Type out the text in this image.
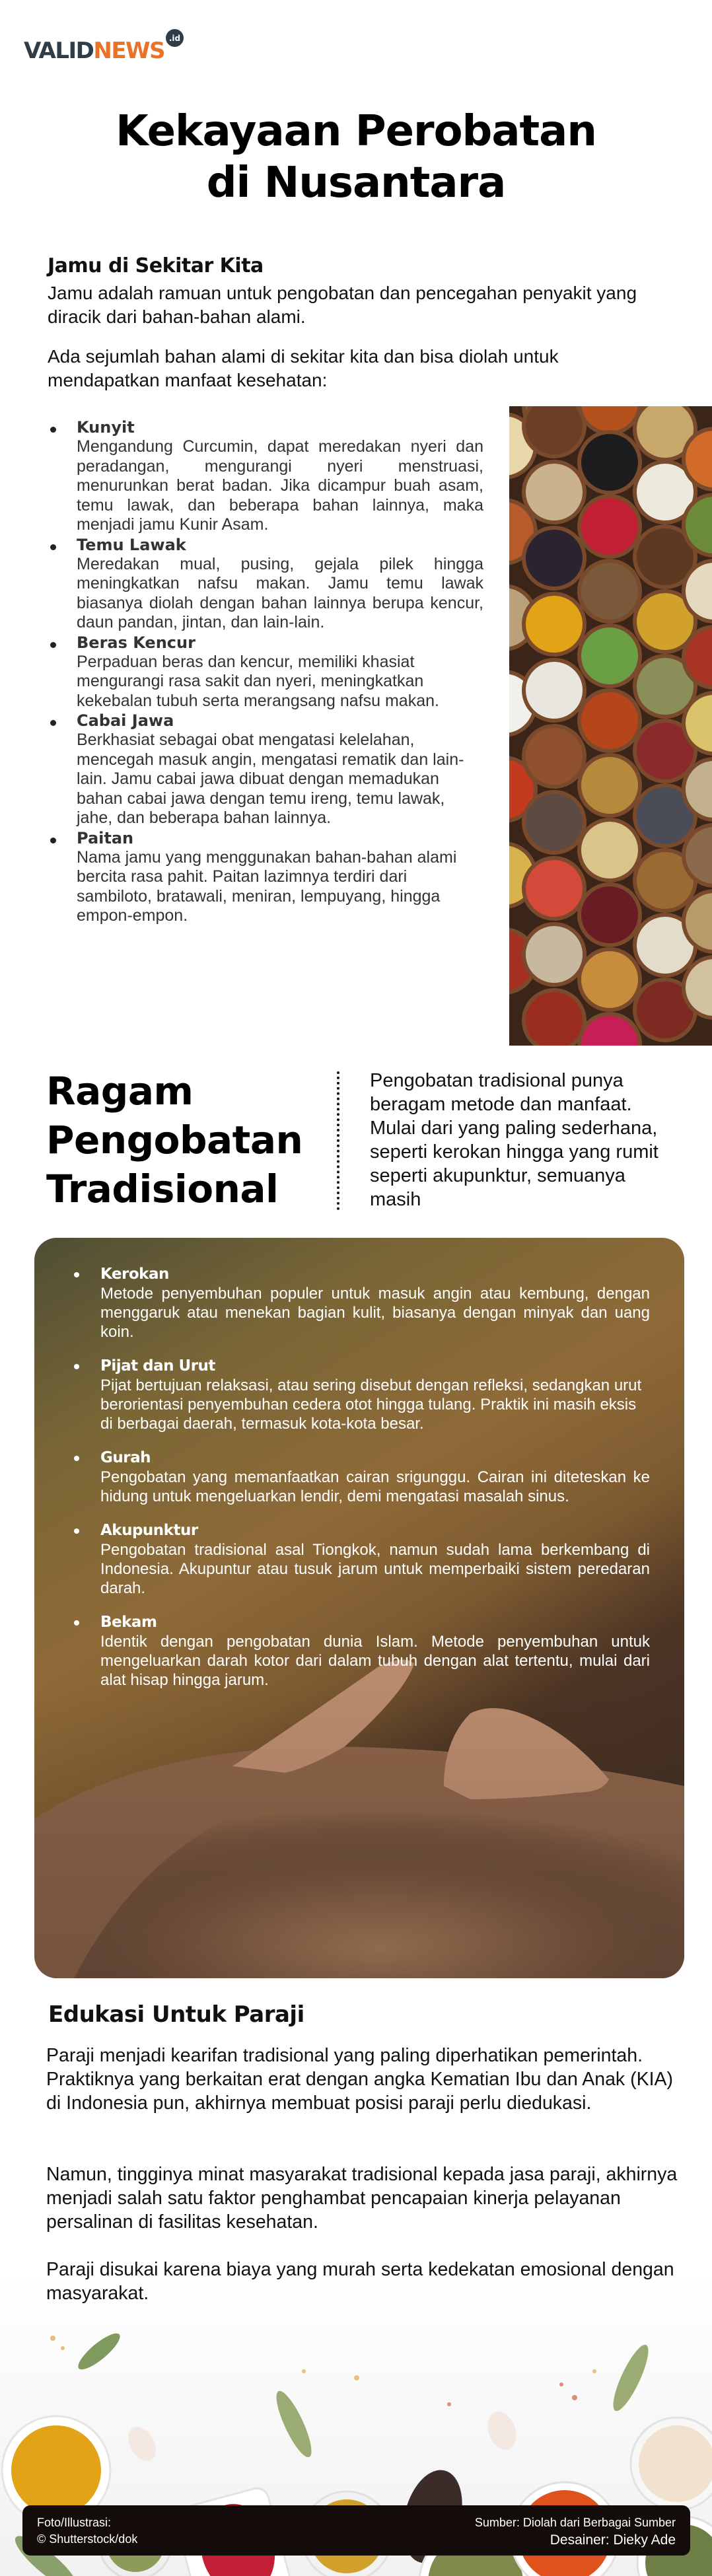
VALID NEWS .id
Kekayaan Perobatan
di Nusantara
Jamu di Sekitar Kita

Jamu adalah ramuan untuk pengobatan dan pencegahan penyakit yang diracik dari bahan-bahan alami.

Ada sejumlah bahan alami di sekitar kita dan bisa diolah untuk mendapatkan manfaat kesehatan:

Kunyit
Mengandung Curcumin, dapat meredakan nyeri dan peradangan, mengurangi nyeri menstruasi, menurunkan berat badan. Jika dicampur buah asam, temu lawak, dan beberapa bahan lainnya, maka menjadi jamu Kunir Asam.
Temu Lawak
Meredakan mual, pusing, gejala pilek hingga meningkatkan nafsu makan. Jamu temu lawak biasanya diolah dengan bahan lainnya berupa kencur, daun pandan, jintan, dan lain-lain.
Beras Kencur
Perpaduan beras dan kencur, memiliki khasiat mengurangi rasa sakit dan nyeri, meningkatkan kekebalan tubuh serta merangsang nafsu makan.
Cabai Jawa
Berkhasiat sebagai obat mengatasi kelelahan, mencegah masuk angin, mengatasi rematik dan lain-lain. Jamu cabai jawa dibuat dengan memadukan bahan cabai jawa dengan temu ireng, temu lawak, jahe, dan beberapa bahan lainnya.
Paitan
Nama jamu yang menggunakan bahan-bahan alami bercita rasa pahit. Paitan lazimnya terdiri dari sambiloto, bratawali, meniran, lempuyang, hingga empon-empon.
Ragam
Pengobatan
Tradisional

Pengobatan tradisional punya beragam metode dan manfaat. Mulai dari yang paling sederhana, seperti kerokan hingga yang rumit seperti akupunktur, semuanya masih

Kerokan
Metode penyembuhan populer untuk masuk angin atau kembung, dengan menggaruk atau menekan bagian kulit, biasanya dengan minyak dan uang koin.
Pijat dan Urut
Pijat bertujuan relaksasi, atau sering disebut dengan refleksi, sedangkan urut berorientasi penyembuhan cedera otot hingga tulang. Praktik ini masih eksis di berbagai daerah, termasuk kota-kota besar.
Gurah
Pengobatan yang memanfaatkan cairan srigunggu. Cairan ini diteteskan ke hidung untuk mengeluarkan lendir, demi mengatasi masalah sinus.
Akupunktur
Pengobatan tradisional asal Tiongkok, namun sudah lama berkembang di Indonesia. Akupuntur atau tusuk jarum untuk memperbaiki sistem peredaran darah.
Bekam
Identik dengan pengobatan dunia Islam. Metode penyembuhan untuk mengeluarkan darah kotor dari dalam tubuh dengan alat tertentu, mulai dari alat hisap hingga jarum.
Edukasi Untuk Paraji

Paraji menjadi kearifan tradisional yang paling diperhatikan pemerintah. Praktiknya yang berkaitan erat dengan angka Kematian Ibu dan Anak (KIA) di Indonesia pun, akhirnya membuat posisi paraji perlu diedukasi.

Namun, tingginya minat masyarakat tradisional kepada jasa paraji, akhirnya menjadi salah satu faktor penghambat pencapaian kinerja pelayanan persalinan di fasilitas kesehatan.

Paraji disukai karena biaya yang murah serta kedekatan emosional dengan masyarakat.

Foto/Illustrasi:
© Shutterstock/dok
Sumber: Diolah dari Berbagai Sumber
Desainer: Dieky Ade
